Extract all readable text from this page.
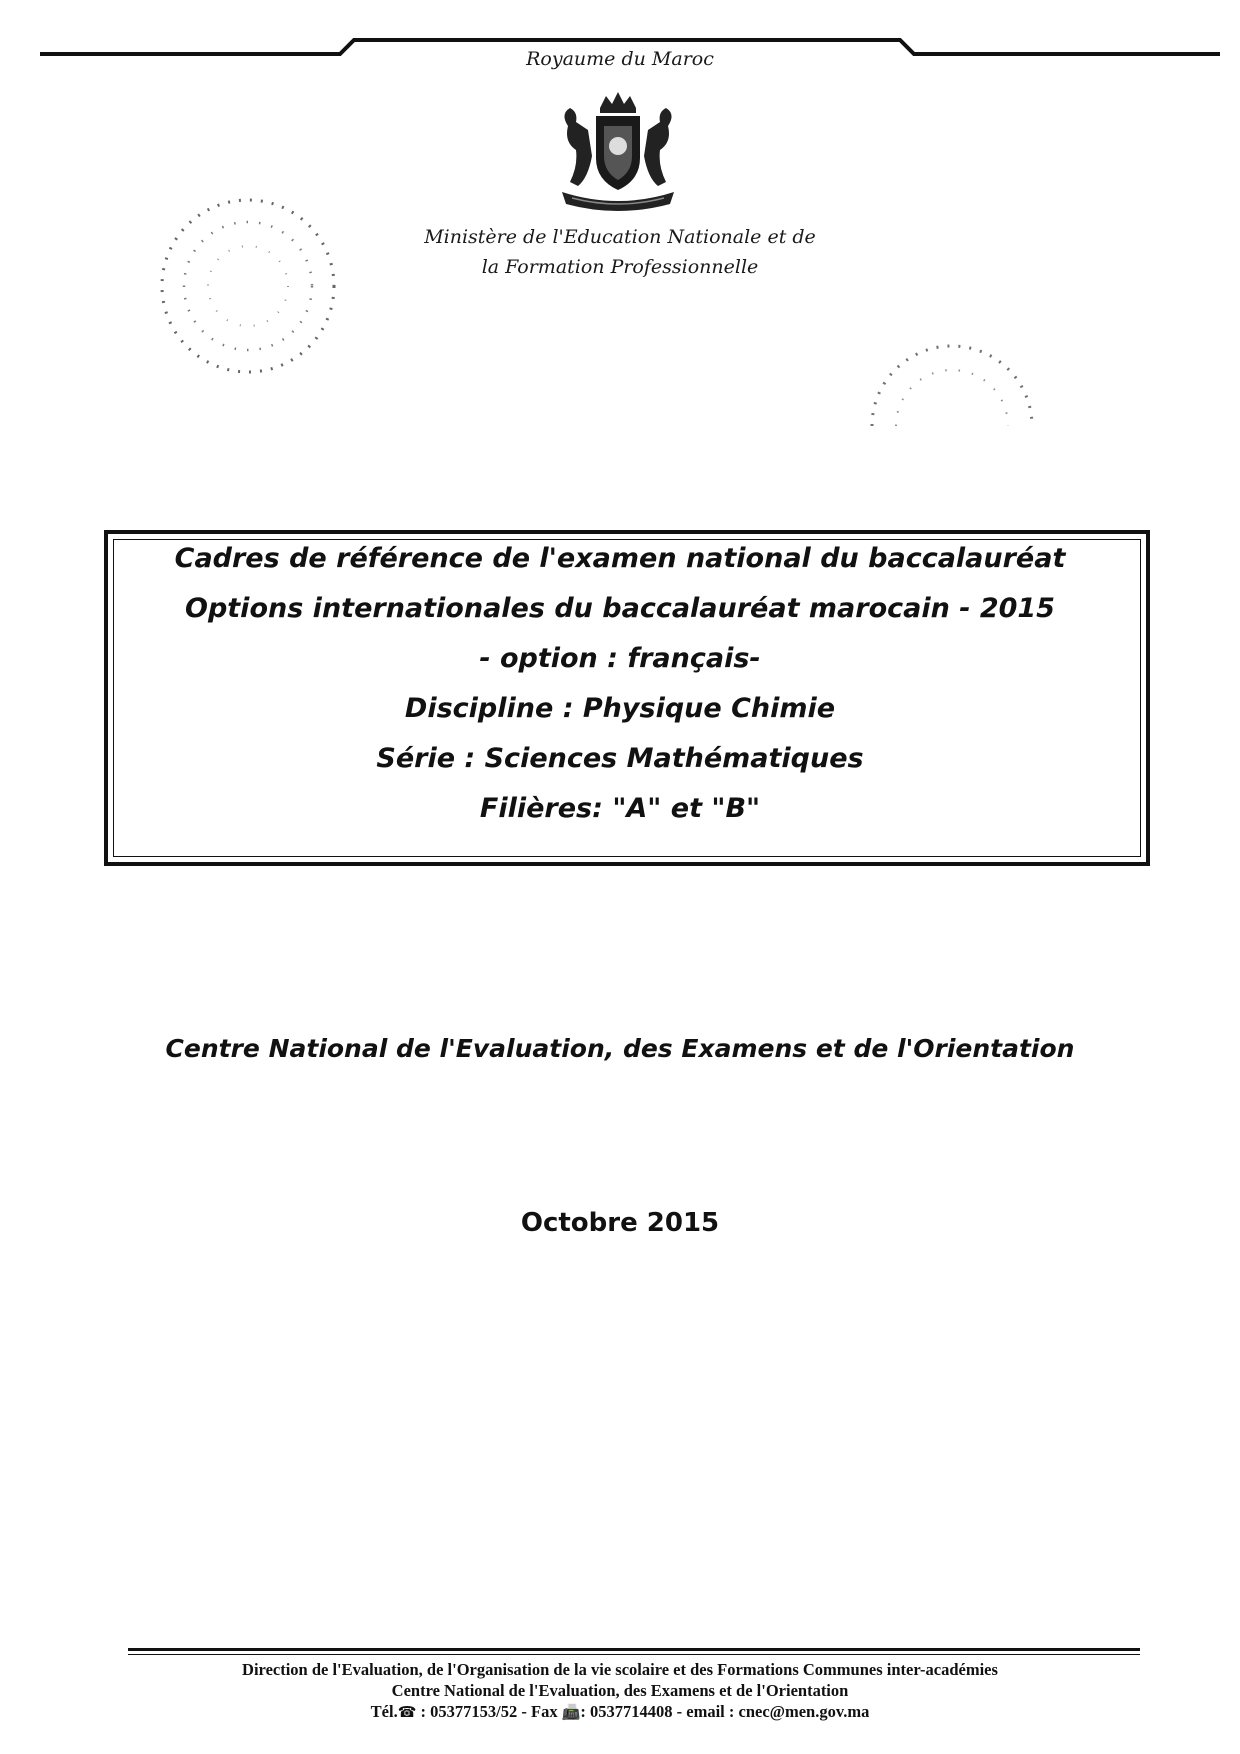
Royaume du Maroc
Ministère de l'Education Nationale et de
la Formation Professionnelle
Cadres de référence de l'examen national du baccalauréat
Options internationales du baccalauréat marocain - 2015
- option : français-
Discipline : Physique Chimie
Série : Sciences Mathématiques
Filières: "A" et "B"
Centre National de l'Evaluation, des Examens et de l'Orientation
Octobre 2015
Direction de l'Evaluation, de l'Organisation de la vie scolaire et des Formations Communes inter-académies
Centre National de l'Evaluation, des Examens et de l'Orientation
Tél.☎ : 05377153/52 - Fax 📠: 0537714408 - email : cnec@men.gov.ma
